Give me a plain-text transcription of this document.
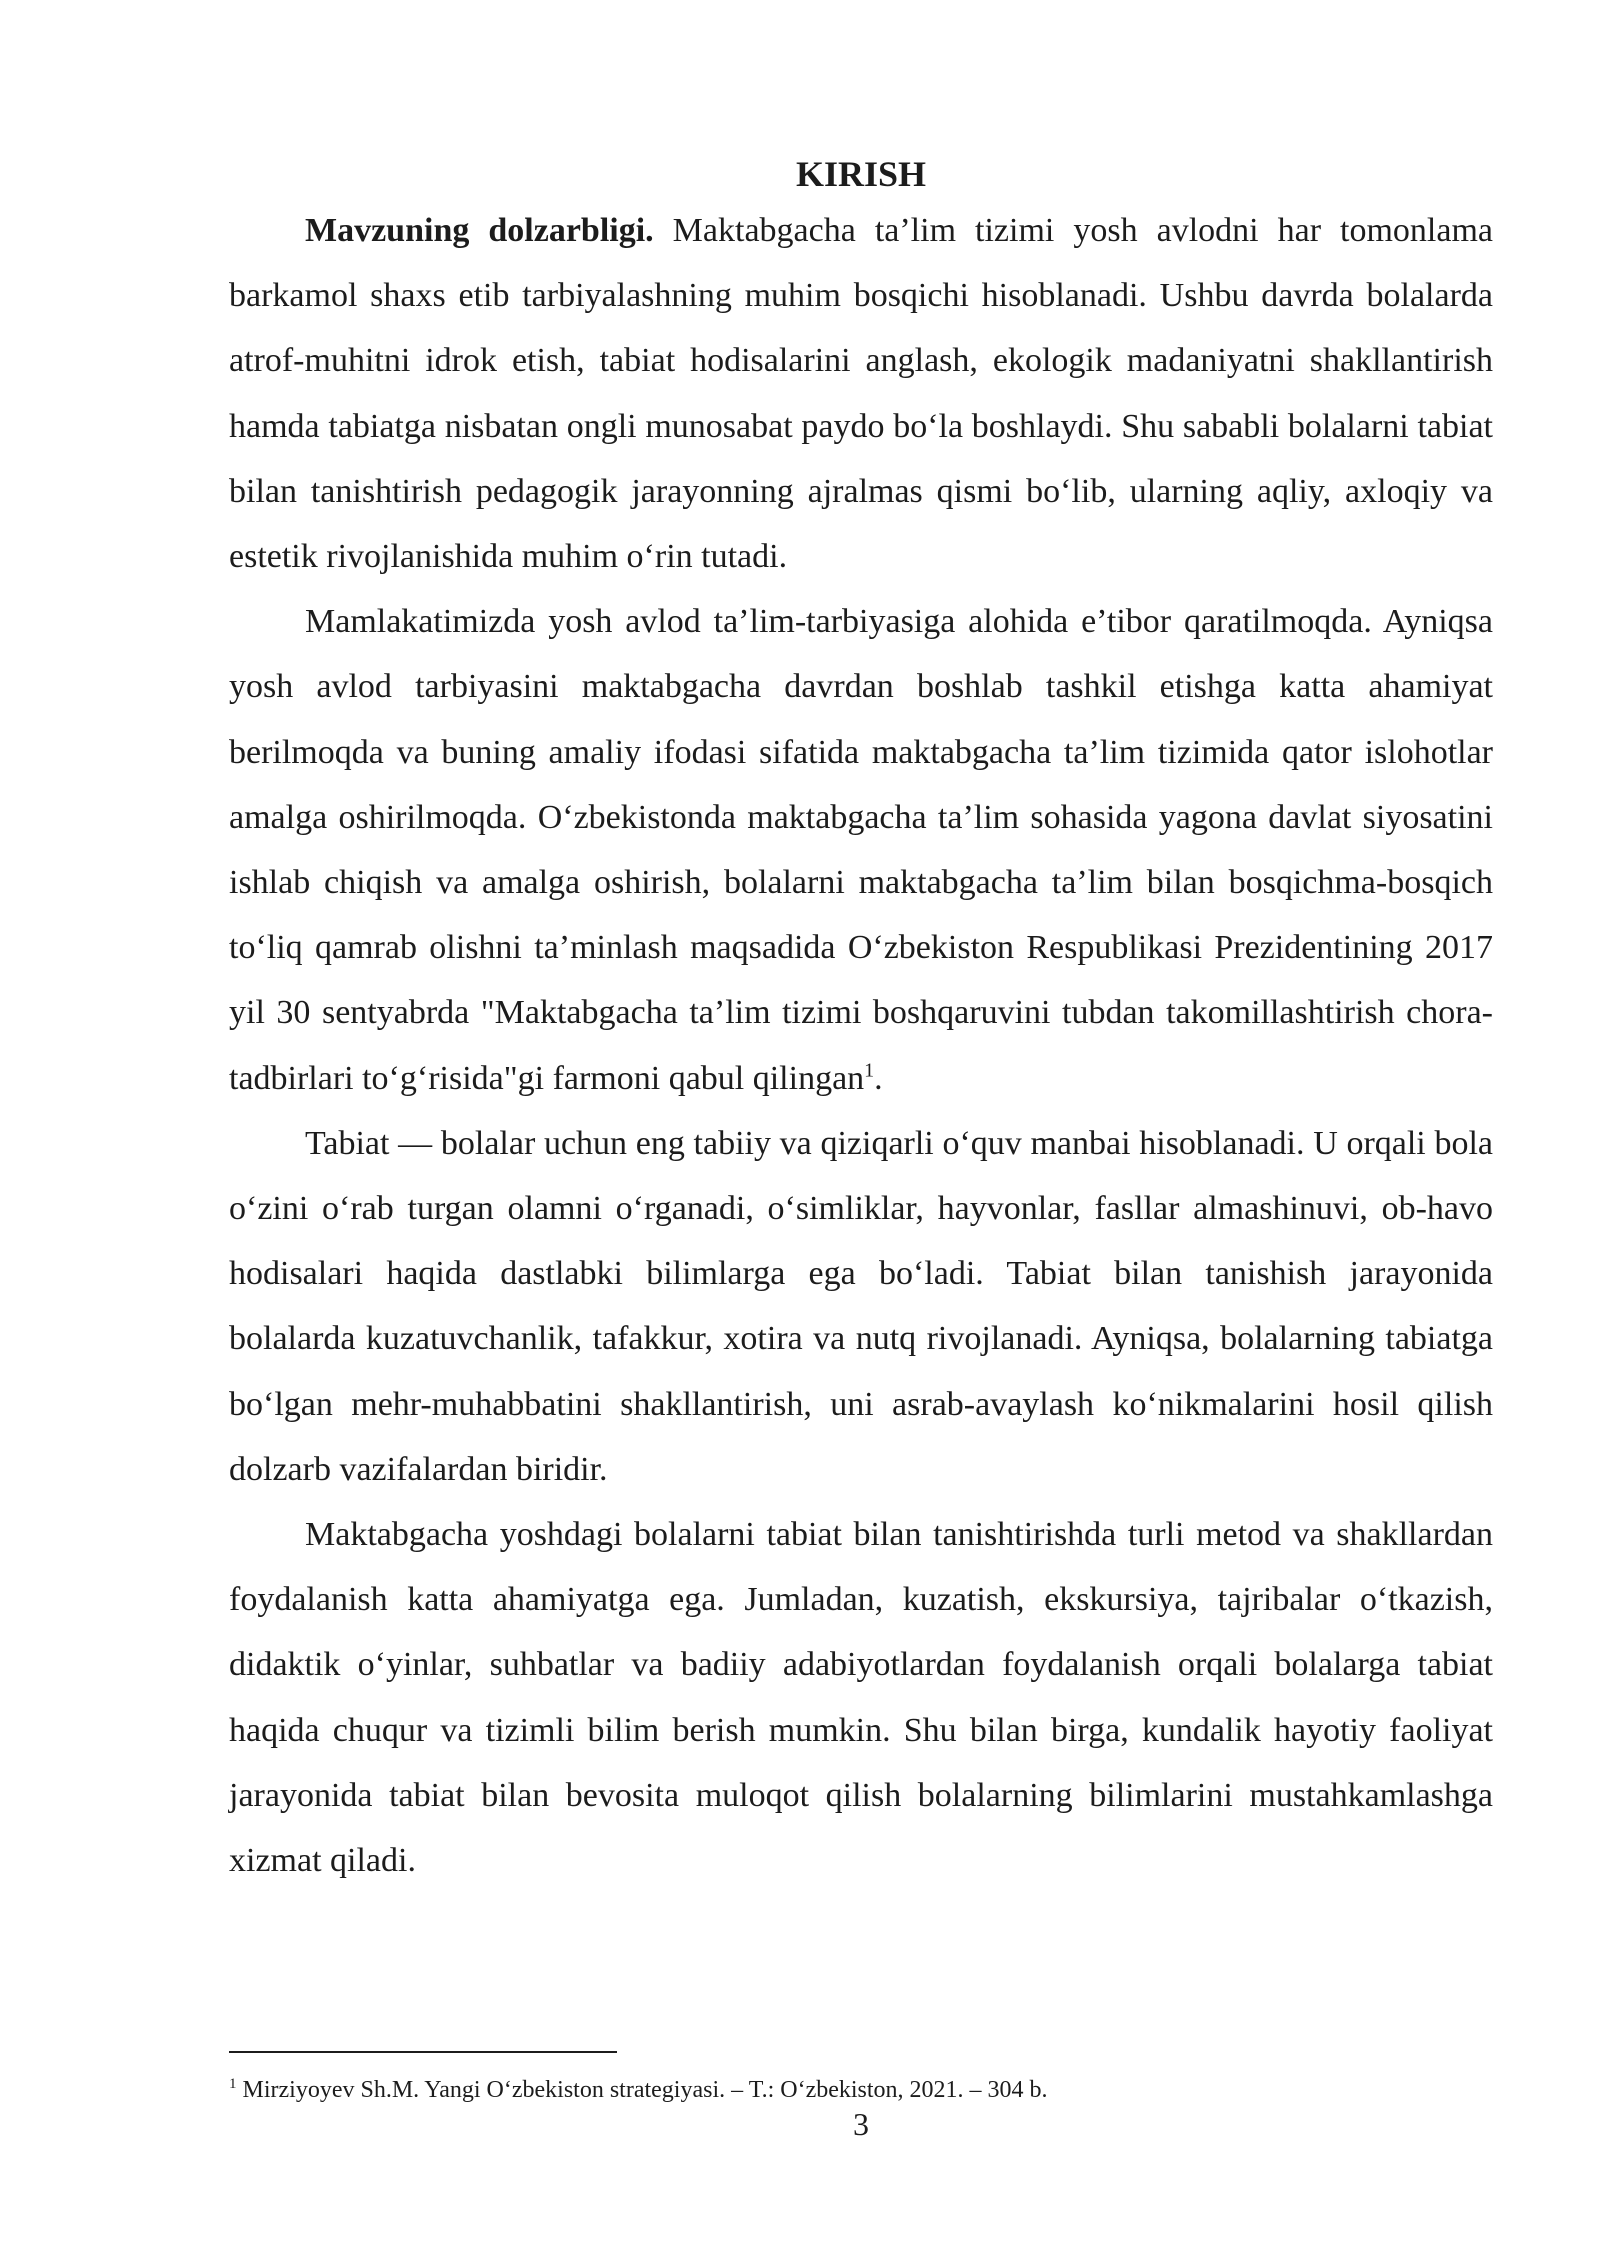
KIRISH

Mavzuning dolzarbligi. Maktabgacha ta’lim tizimi yosh avlodni har tomonlama barkamol shaxs etib tarbiyalashning muhim bosqichi hisoblanadi. Ushbu davrda bolalarda atrof-muhitni idrok etish, tabiat hodisalarini anglash, ekologik madaniyatni shakllantirish hamda tabiatga nisbatan ongli munosabat paydo bo‘la boshlaydi. Shu sababli bolalarni tabiat bilan tanishtirish pedagogik jarayonning ajralmas qismi bo‘lib, ularning aqliy, axloqiy va estetik rivojlanishida muhim o‘rin tutadi.

Mamlakatimizda yosh avlod ta’lim-tarbiyasiga alohida e’tibor qaratilmoqda. Ayniqsa yosh avlod tarbiyasini maktabgacha davrdan boshlab tashkil etishga katta ahamiyat berilmoqda va buning amaliy ifodasi sifatida maktabgacha ta’lim tizimida qator islohotlar amalga oshirilmoqda. O‘zbekistonda maktabgacha ta’lim sohasida yagona davlat siyosatini ishlab chiqish va amalga oshirish, bolalarni maktabgacha ta’lim bilan bosqichma-bosqich to‘liq qamrab olishni ta’minlash maqsadida O‘zbekiston Respublikasi Prezidentining 2017 yil 30 sentyabrda "Maktabgacha ta’lim tizimi boshqaruvini tubdan takomillashtirish chora-tadbirlari to‘g‘risida"gi farmoni qabul qilingan$^1$.

Tabiat — bolalar uchun eng tabiiy va qiziqarli o‘quv manbai hisoblanadi. U orqali bola o‘zini o‘rab turgan olamni o‘rganadi, o‘simliklar, hayvonlar, fasllar almashinuvi, ob-havo hodisalari haqida dastlabki bilimlarga ega bo‘ladi. Tabiat bilan tanishish jarayonida bolalarda kuzatuvchanlik, tafakkur, xotira va nutq rivojlanadi. Ayniqsa, bolalarning tabiatga bo‘lgan mehr-muhabbatini shakllantirish, uni asrab-avaylash ko‘nikmalarini hosil qilish dolzarb vazifalardan biridir.

Maktabgacha yoshdagi bolalarni tabiat bilan tanishtirishda turli metod va shakllardan foydalanish katta ahamiyatga ega. Jumladan, kuzatish, ekskursiya, tajribalar o‘tkazish, didaktik o‘yinlar, suhbatlar va badiiy adabiyotlardan foydalanish orqali bolalarga tabiat haqida chuqur va tizimli bilim berish mumkin. Shu bilan birga, kundalik hayotiy faoliyat jarayonida tabiat bilan bevosita muloqot qilish bolalarning bilimlarini mustahkamlashga xizmat qiladi.

$^1$ Mirziyoyev Sh.M. Yangi O‘zbekiston strategiyasi. – T.: O‘zbekiston, 2021. – 304 b.
3
